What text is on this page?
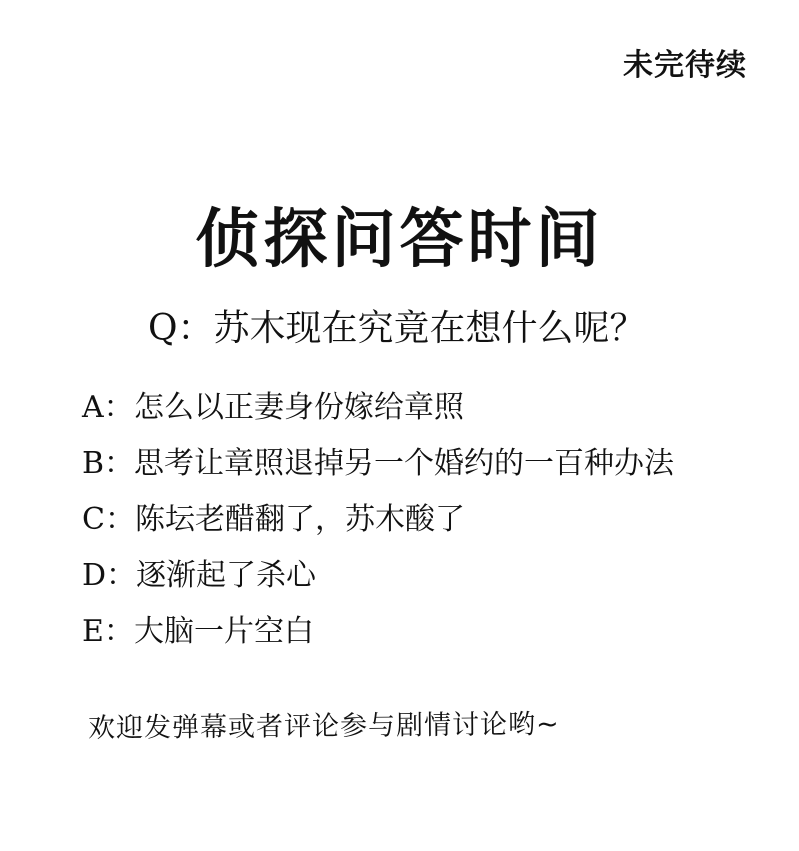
未完待续
侦探问答时间
Q：苏木现在究竟在想什么呢？
A：怎么以正妻身份嫁给章照
B：思考让章照退掉另一个婚约的一百种办法
C：陈坛老醋翻了，苏木酸了
D：逐渐起了杀心
E：大脑一片空白
欢迎发弹幕或者评论参与剧情讨论哟~
